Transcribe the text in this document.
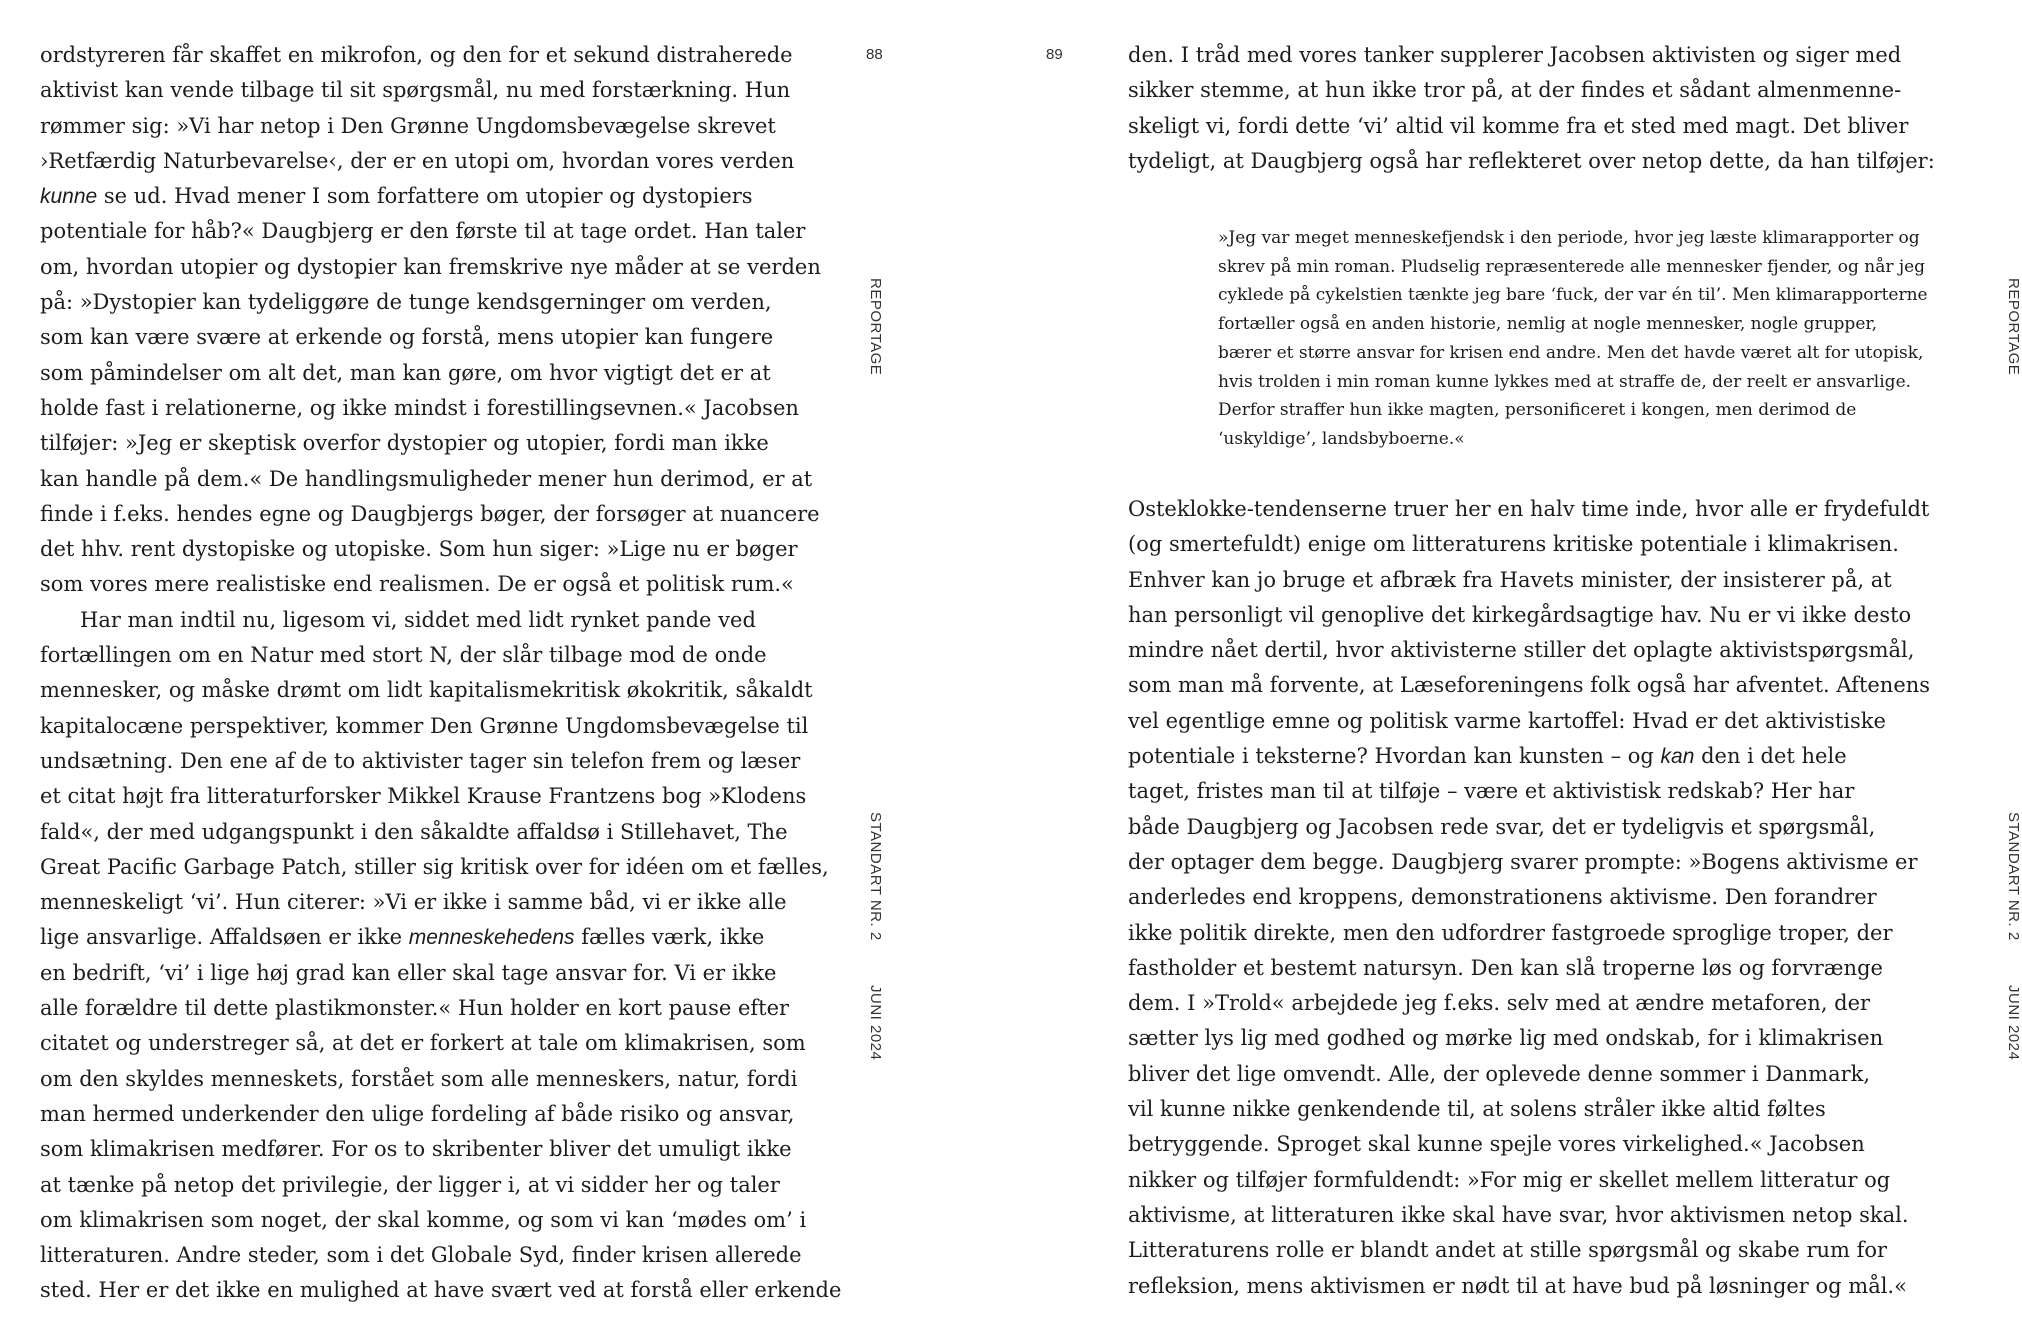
ordstyreren får skaffet en mikrofon, og den for et sekund distraherede
aktivist kan vende tilbage til sit spørgsmål, nu med forstærkning. Hun
rømmer sig: »Vi har netop i Den Grønne Ungdomsbevægelse skrevet
›Retfærdig Naturbevarelse‹, der er en utopi om, hvordan vores verden
kunne se ud. Hvad mener I som forfattere om utopier og dystopiers
potentiale for håb?« Daugbjerg er den første til at tage ordet. Han taler
om, hvordan utopier og dystopier kan fremskrive nye måder at se verden
på: »Dystopier kan tydeliggøre de tunge kendsgerninger om verden,
som kan være svære at erkende og forstå, mens utopier kan fungere
som påmindelser om alt det, man kan gøre, om hvor vigtigt det er at
holde fast i relationerne, og ikke mindst i forestillingsevnen.« Jacobsen
tilføjer: »Jeg er skeptisk overfor dystopier og utopier, fordi man ikke
kan handle på dem.« De handlingsmuligheder mener hun derimod, er at
finde i f.eks. hendes egne og Daugbjergs bøger, der forsøger at nuancere
det hhv. rent dystopiske og utopiske. Som hun siger: »Lige nu er bøger
som vores mere realistiske end realismen. De er også et politisk rum.«
Har man indtil nu, ligesom vi, siddet med lidt rynket pande ved
fortællingen om en Natur med stort N, der slår tilbage mod de onde
mennesker, og måske drømt om lidt kapitalismekritisk økokritik, såkaldt
kapitalocæne perspektiver, kommer Den Grønne Ungdomsbevægelse til
undsætning. Den ene af de to aktivister tager sin telefon frem og læser
et citat højt fra litteraturforsker Mikkel Krause Frantzens bog »Klodens
fald«, der med udgangspunkt i den såkaldte affaldsø i Stillehavet, The
Great Pacific Garbage Patch, stiller sig kritisk over for idéen om et fælles,
menneskeligt ‘vi’. Hun citerer: »Vi er ikke i samme båd, vi er ikke alle
lige ansvarlige. Affaldsøen er ikke menneskehedens fælles værk, ikke
en bedrift, ‘vi’ i lige høj grad kan eller skal tage ansvar for. Vi er ikke
alle forældre til dette plastikmonster.« Hun holder en kort pause efter
citatet og understreger så, at det er forkert at tale om klimakrisen, som
om den skyldes menneskets, forstået som alle menneskers, natur, fordi
man hermed underkender den ulige fordeling af både risiko og ansvar,
som klimakrisen medfører. For os to skribenter bliver det umuligt ikke
at tænke på netop det privilegie, der ligger i, at vi sidder her og taler
om klimakrisen som noget, der skal komme, og som vi kan ‘mødes om’ i
litteraturen. Andre steder, som i det Globale Syd, finder krisen allerede
sted. Her er det ikke en mulighed at have svært ved at forstå eller erkende
88
REPORTAGE
STANDART NR. 2
JUNI 2024
89
REPORTAGE
STANDART NR. 2
JUNI 2024
den. I tråd med vores tanker supplerer Jacobsen aktivisten og siger med
sikker stemme, at hun ikke tror på, at der findes et sådant almenmenne-
skeligt vi, fordi dette ‘vi’ altid vil komme fra et sted med magt. Det bliver
tydeligt, at Daugbjerg også har reflekteret over netop dette, da han tilføjer:
»Jeg var meget menneskefjendsk i den periode, hvor jeg læste klimarapporter og
skrev på min roman. Pludselig repræsenterede alle mennesker fjender, og når jeg
cyklede på cykelstien tænkte jeg bare ‘fuck, der var én til’. Men klimarapporterne
fortæller også en anden historie, nemlig at nogle mennesker, nogle grupper,
bærer et større ansvar for krisen end andre. Men det havde været alt for utopisk,
hvis trolden i min roman kunne lykkes med at straffe de, der reelt er ansvarlige.
Derfor straffer hun ikke magten, personificeret i kongen, men derimod de
‘uskyldige’, landsbyboerne.«
Osteklokke-tendenserne truer her en halv time inde, hvor alle er frydefuldt
(og smertefuldt) enige om litteraturens kritiske potentiale i klimakrisen.
Enhver kan jo bruge et afbræk fra Havets minister, der insisterer på, at
han personligt vil genoplive det kirkegårdsagtige hav. Nu er vi ikke desto
mindre nået dertil, hvor aktivisterne stiller det oplagte aktivistspørgsmål,
som man må forvente, at Læseforeningens folk også har afventet. Aftenens
vel egentlige emne og politisk varme kartoffel: Hvad er det aktivistiske
potentiale i teksterne? Hvordan kan kunsten – og kan den i det hele
taget, fristes man til at tilføje – være et aktivistisk redskab? Her har
både Daugbjerg og Jacobsen rede svar, det er tydeligvis et spørgsmål,
der optager dem begge. Daugbjerg svarer prompte: »Bogens aktivisme er
anderledes end kroppens, demonstrationens aktivisme. Den forandrer
ikke politik direkte, men den udfordrer fastgroede sproglige troper, der
fastholder et bestemt natursyn. Den kan slå troperne løs og forvrænge
dem. I »Trold« arbejdede jeg f.eks. selv med at ændre metaforen, der
sætter lys lig med godhed og mørke lig med ondskab, for i klimakrisen
bliver det lige omvendt. Alle, der oplevede denne sommer i Danmark,
vil kunne nikke genkendende til, at solens stråler ikke altid føltes
betryggende. Sproget skal kunne spejle vores virkelighed.« Jacobsen
nikker og tilføjer formfuldendt: »For mig er skellet mellem litteratur og
aktivisme, at litteraturen ikke skal have svar, hvor aktivismen netop skal.
Litteraturens rolle er blandt andet at stille spørgsmål og skabe rum for
refleksion, mens aktivismen er nødt til at have bud på løsninger og mål.«
